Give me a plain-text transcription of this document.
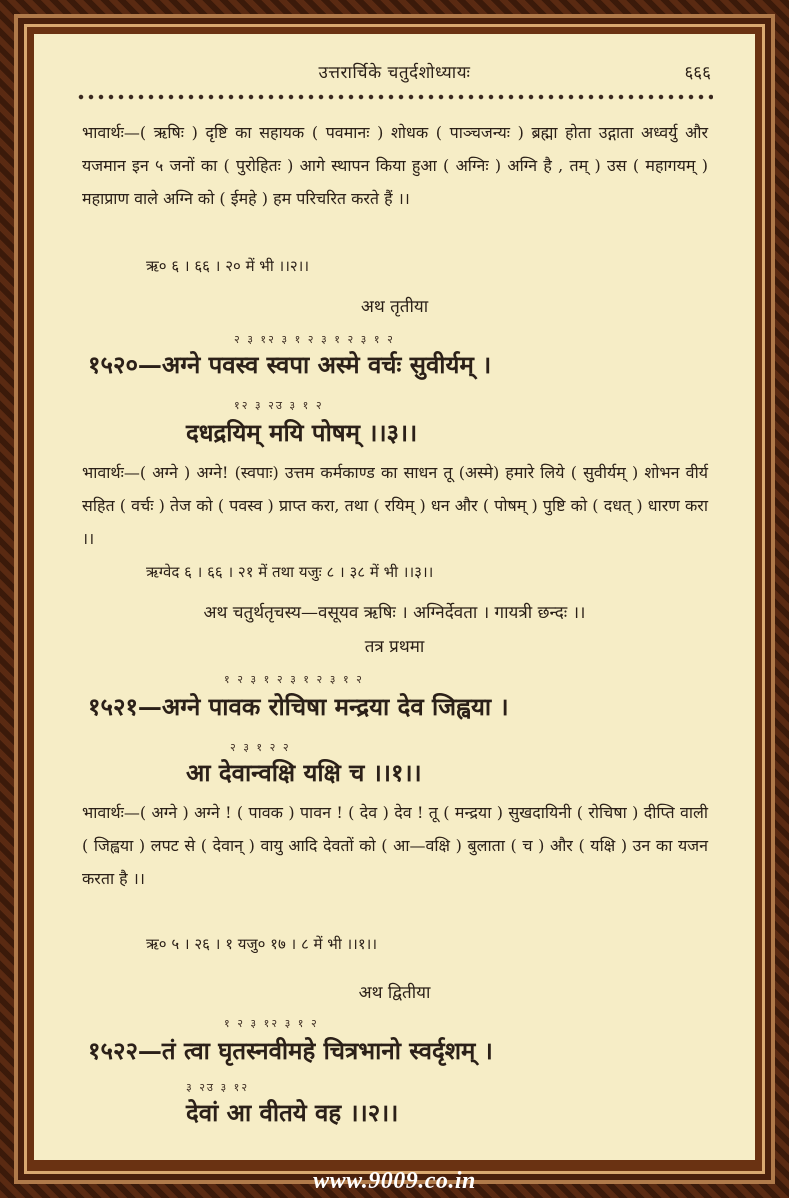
उत्तरार्चिके चतुर्दशोध्यायः	६६६
भावार्थः—( ऋषिः ) दृष्टि का सहायक ( पवमानः ) शोधक ( पाञ्चजन्यः ) ब्रह्मा होता उद्गाता अध्वर्यु और यजमान इन ५ जनों का ( पुरोहितः ) आगे स्थापन किया हुआ ( अग्निः ) अग्नि है , तम् ) उस ( महागयम् ) महाप्राण वाले अग्नि को ( ईमहे ) हम परिचरित करते हैं ।।
ऋ० ६ । ६६ । २० में भी ।।२।।
अथ तृतीया
२ ३ १२ ३ १ २ ३ १ २ ३ १ २
१५२०—अग्ने पवस्व स्वपा अस्मे वर्चः सुवीर्यम् ।
१२ ३ २उ ३ १ २
दधद्रयिम् मयि पोषम् ।।३।।
भावार्थः—( अग्ने ) अग्ने! (स्वपाः) उत्तम कर्मकाण्ड का साधन तू (अस्मे) हमारे लिये ( सुवीर्यम् ) शोभन वीर्य सहित ( वर्चः ) तेज को ( पवस्व ) प्राप्त करा, तथा ( रयिम् ) धन और ( पोषम् ) पुष्टि को ( दधत् ) धारण करा ।।
ऋग्वेद ६ । ६६ । २१ में तथा यजुः ८ । ३८ में भी ।।३।।
अथ चतुर्थतृचस्य—वसूयव ऋषिः । अग्निर्देवता । गायत्री छन्दः ।।
तत्र प्रथमा
१ २ ३ १ २ ३ १ २ ३ १ २
१५२१—अग्ने पावक रोचिषा मन्द्रया देव जिह्वया ।
२ ३ १ २ २
आ देवान्वक्षि यक्षि च ।।१।।
भावार्थः—( अग्ने ) अग्ने ! ( पावक ) पावन ! ( देव ) देव ! तू ( मन्द्रया ) सुखदायिनी ( रोचिषा ) दीप्ति वाली ( जिह्वया ) लपट से ( देवान् ) वायु आदि देवतों को ( आ—वक्षि ) बुलाता ( च ) और ( यक्षि ) उन का यजन करता है ।।
ऋ० ५ । २६ । १ यजु० १७ । ८ में भी ।।१।।
अथ द्वितीया
१ २ ३ १२ ३ १ २
१५२२—तं त्वा घृतस्नवीमहे चित्रभानो स्वर्दृशम् ।
३ २उ ३ १२
देवां आ वीतये वह ।।२।।
www.9009.co.in
